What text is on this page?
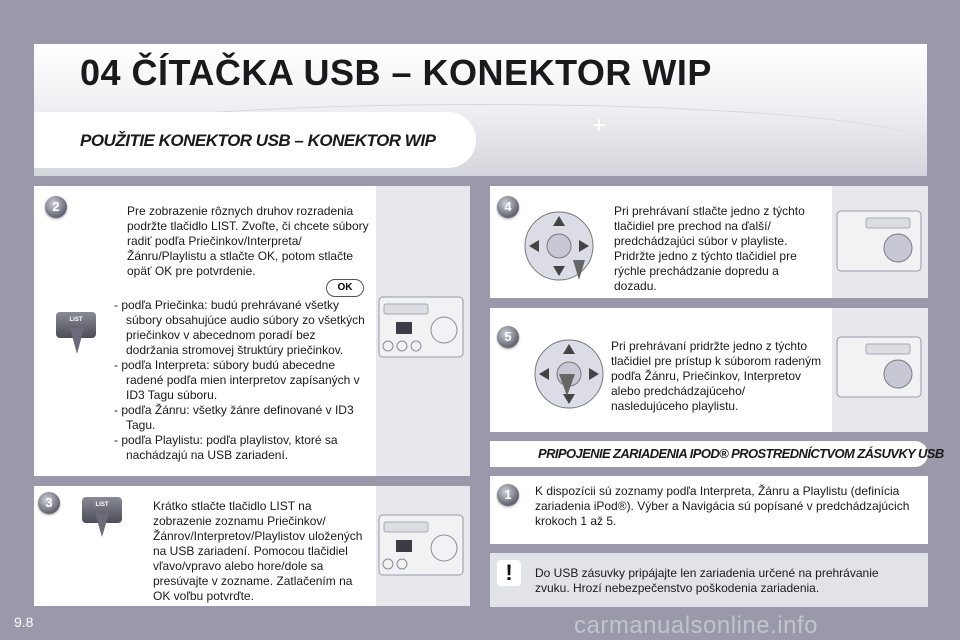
04 ČÍTAČKA USB – KONEKTOR WIP
POUŽITIE KONEKTOR USB – KONEKTOR WIP
+
2	Pre zobrazenie rôznych druhov rozradenia podržte tlačidlo LIST. Zvoľte, či chcete súbory radiť podľa Priečinkov/Interpreta/Žánru/Playlistu a stlačte OK, potom stlačte opäť OK pre potvrdenie.
OK
LIST
- podľa Priečinka: budú prehrávané všetky súbory obsahujúce audio súbory zo všetkých priečinkov v abecednom poradí bez dodržania stromovej štruktúry priečinkov.
- podľa Interpreta: súbory budú abecedne radené podľa mien interpretov zapísaných v ID3 Tagu súboru.
- podľa Žánru: všetky žánre definované v ID3 Tagu.
- podľa Playlistu: podľa playlistov, ktoré sa nachádzajú na USB zariadení.
3	LIST	Krátko stlačte tlačidlo LIST na zobrazenie zoznamu Priečinkov/ Žánrov/Interpretov/Playlistov uložených na USB zariadení. Pomocou tlačidiel vľavo/vpravo alebo hore/dole sa presúvajte v zozname. Zatlačením na OK voľbu potvrďte.
4	Pri prehrávaní stlačte jedno z týchto tlačidiel pre prechod na ďalší/ predchádzajúci súbor v playliste. Pridržte jedno z týchto tlačidiel pre rýchle prechádzanie dopredu a dozadu.
5
Pri prehrávaní pridržte jedno z týchto tlačidiel pre prístup k súborom radeným podľa Žánru, Priečinkov, Interpretov alebo predchádzajúceho/ nasledujúceho playlistu.
PRIPOJENIE ZARIADENIA IPOD® PROSTREDNÍCTVOM ZÁSUVKY USB
1	K dispozícii sú zoznamy podľa Interpreta, Žánru a Playlistu (definícia zariadenia iPod®). Výber a Navigácia sú popísané v predchádzajúcich krokoch 1 až 5.
!	Do USB zásuvky pripájajte len zariadenia určené na prehrávanie zvuku. Hrozí nebezpečenstvo poškodenia zariadenia.
9.8	carmanualsonline.info
